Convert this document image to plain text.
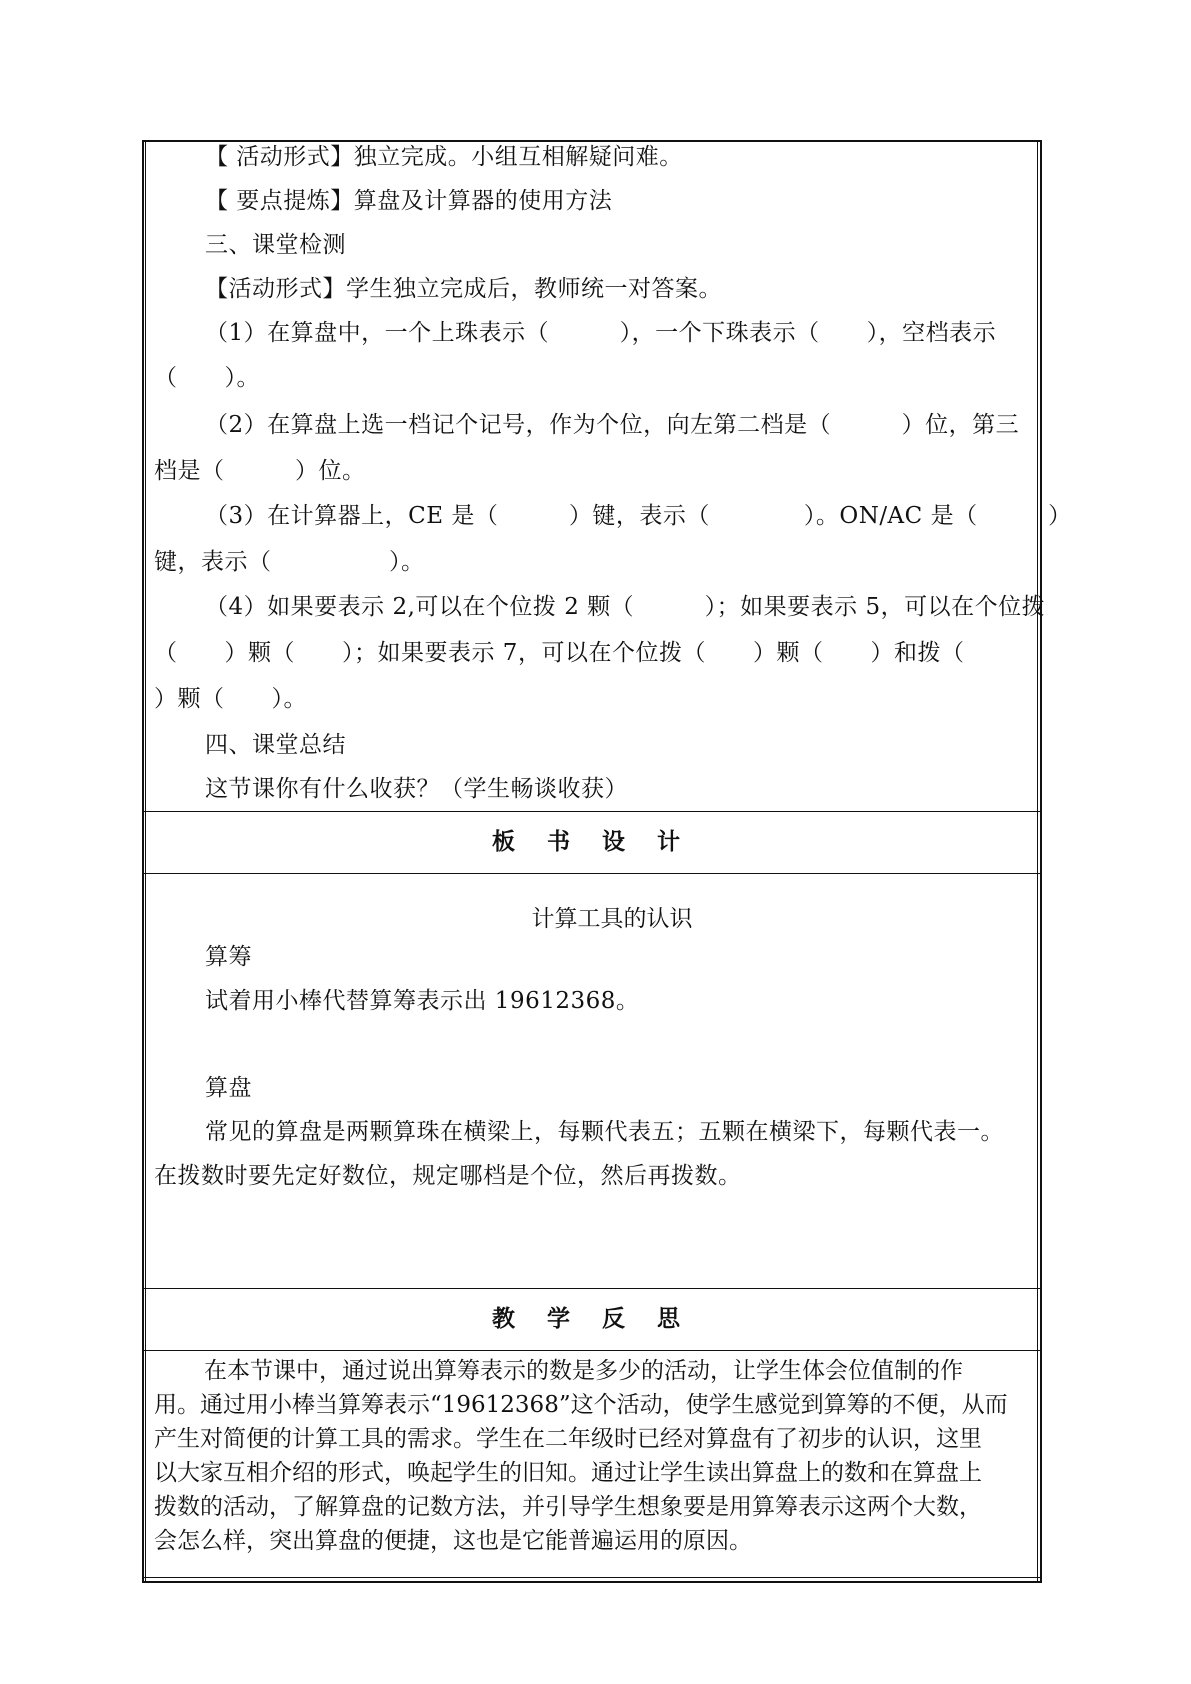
【 活动形式】独立完成。小组互相解疑问难。
【 要点提炼】算盘及计算器的使用方法
三、课堂检测
【活动形式】学生独立完成后，教师统一对答案。
（1）在算盘中，一个上珠表示（　　　），一个下珠表示（　　），空档表示
（　　）。
（2）在算盘上选一档记个记号，作为个位，向左第二档是（　　　）位，第三
档是（　　　）位。
（3）在计算器上，CE 是（　　　）键，表示（　　　　）。ON/AC 是（　　　）
键，表示（　　　　　）。
（4）如果要表示 2,可以在个位拨 2 颗（　　　）；如果要表示 5，可以在个位拨
（　　）颗（　　）；如果要表示 7，可以在个位拨（　　）颗（　　）和拨（
）颗（　　）。
四、课堂总结
这节课你有什么收获？（学生畅谈收获）
板 书 设 计
计算工具的认识
算筹
试着用小棒代替算筹表示出 19612368。
算盘
常见的算盘是两颗算珠在横梁上，每颗代表五；五颗在横梁下，每颗代表一。
在拨数时要先定好数位，规定哪档是个位，然后再拨数。
教 学 反 思
在本节课中，通过说出算筹表示的数是多少的活动，让学生体会位值制的作
用。通过用小棒当算筹表示“19612368”这个活动，使学生感觉到算筹的不便，从而
产生对简便的计算工具的需求。学生在二年级时已经对算盘有了初步的认识，这里
以大家互相介绍的形式，唤起学生的旧知。通过让学生读出算盘上的数和在算盘上
拨数的活动，了解算盘的记数方法，并引导学生想象要是用算筹表示这两个大数，
会怎么样，突出算盘的便捷，这也是它能普遍运用的原因。
